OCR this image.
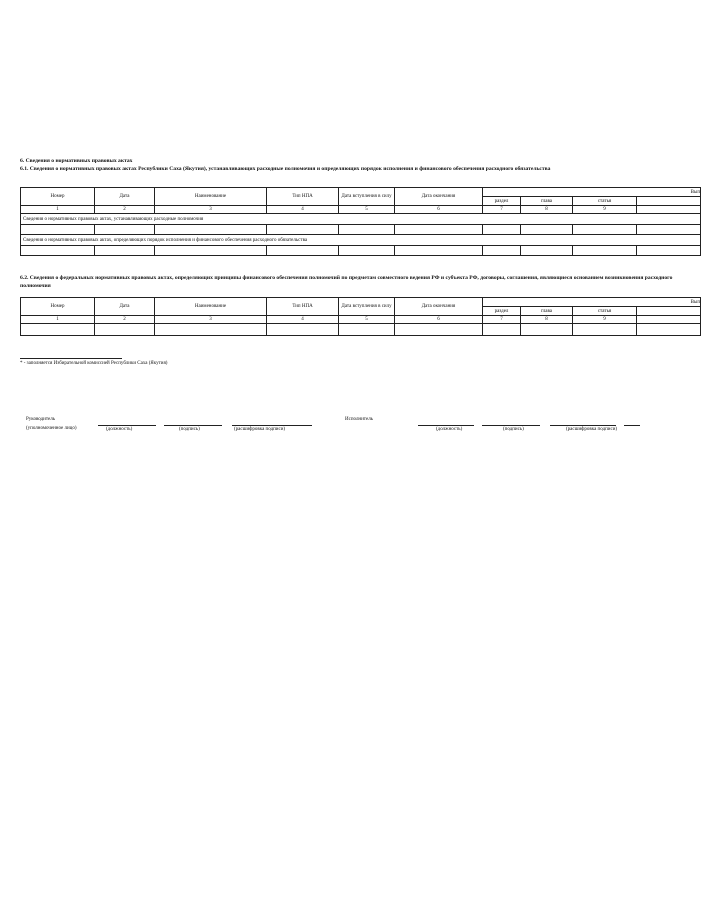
6. Сведения о нормативных правовых актах
6.1. Сведения о нормативных правовых актах Республики Саха (Якутия), устанавливающих расходные полномочия и определяющих порядок исполнения и финансового обеспечения расходного обязательства
Номер	Дата	Наименование	Тип НПА	Дата вступления в силу	Дата окончания	Вып			
						раздел	глава	статья	
1	2	3	4	5	6	7	8	9	
Сведения о нормативных правовых актах, устанавливающих расходные полномочия									

Сведения о нормативных правовых актах, определяющих порядок исполнения и финансового обеспечения расходного обязательства									

6.2. Сведения о федеральных нормативных правовых актах, определяющих принципы финансового обеспечения полномочий по предметам совместного ведения РФ и субъекта РФ, договоры, соглашения, являющиеся основанием возникновения расходного полномочия
Номер	Дата	Наименование	Тип НПА	Дата вступления в силу	Дата окончания	Вып			
						раздел	глава	статья	
1	2	3	4	5	6	7	8	9	

* - заполняется Избирательной комиссией Республики Саха (Якутия)
Руководитель
(уполномоченное лицо)	(должность)	(подпись)	(расшифровка подписи)
Исполнитель
(должность)	(подпись)	(расшифровка подписи)
